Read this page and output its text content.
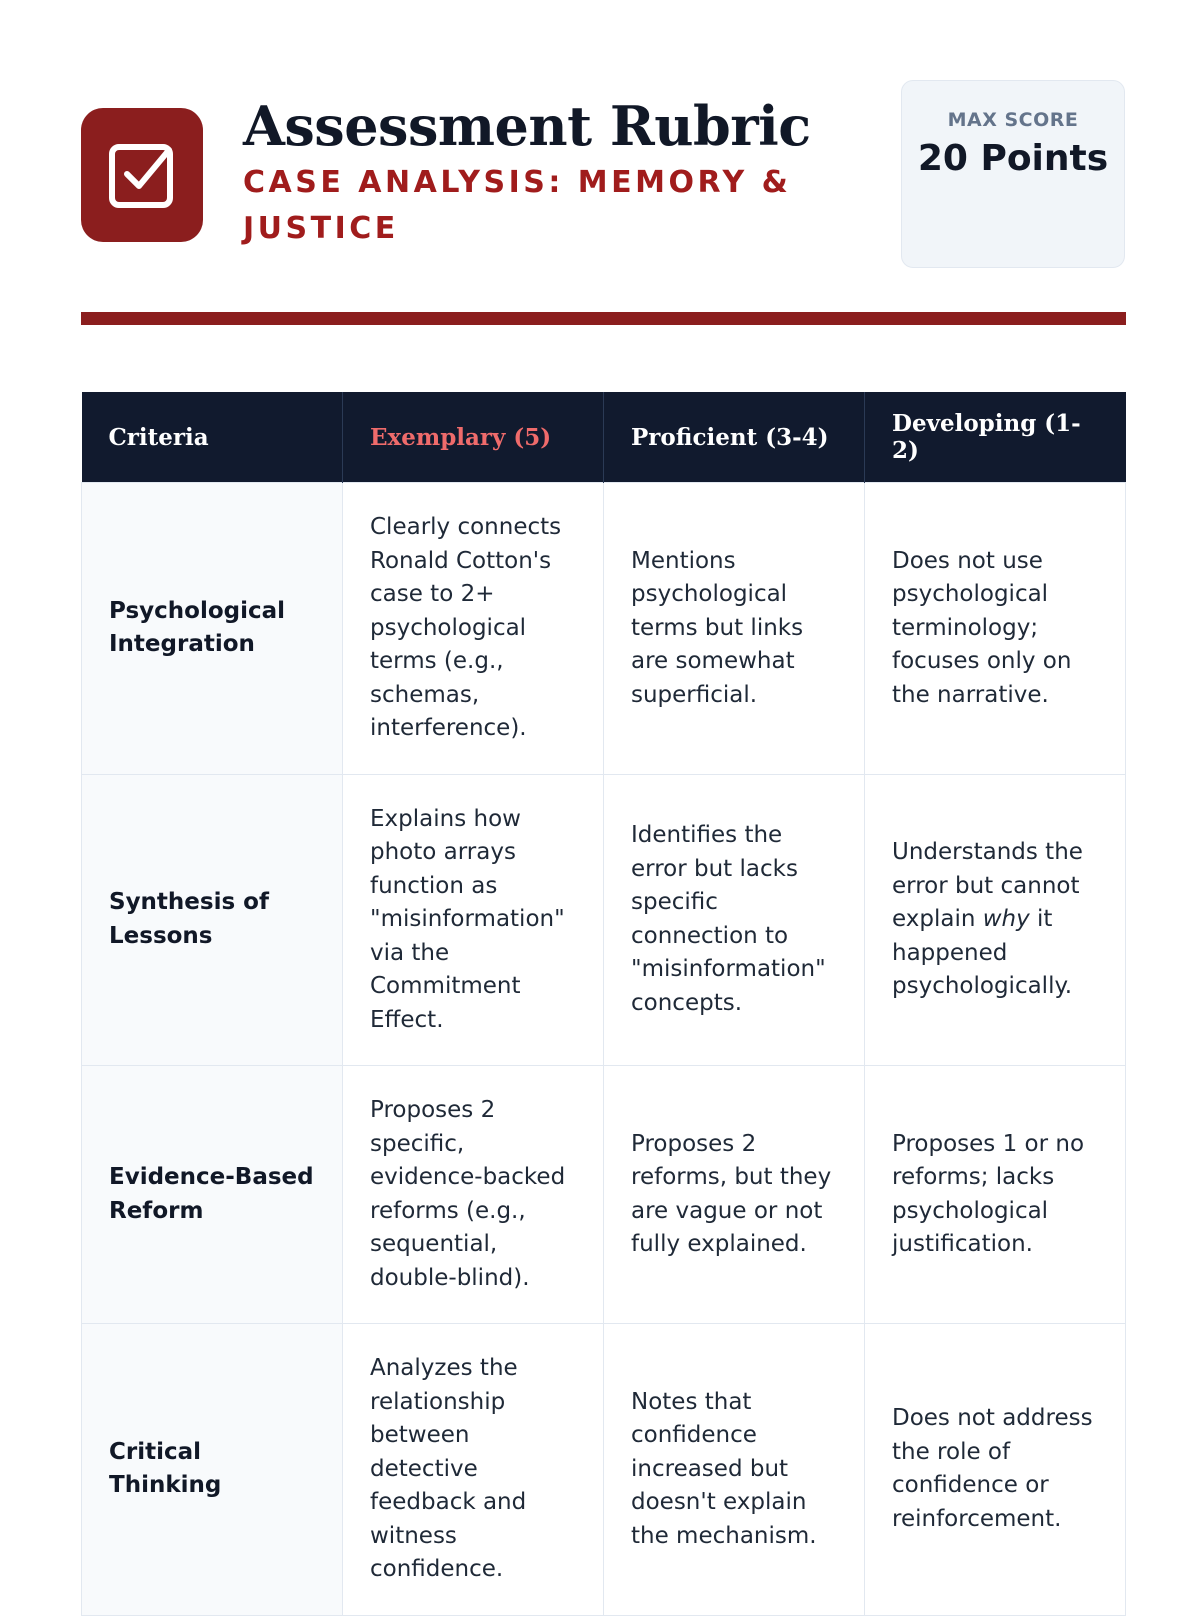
Assessment Rubric

CASE ANALYSIS: MEMORY & JUSTICE

MAX SCORE
20 Points
Criteria	Exemplary (5)	Proficient (3-4)	Developing (1-2)
Psychological Integration	Clearly connects Ronald Cotton's case to 2+ psychological terms (e.g., schemas, interference).	Mentions psychological terms but links are somewhat superficial.	Does not use psychological terminology; focuses only on the narrative.
Synthesis of Lessons	Explains how photo arrays function as "misinformation" via the Commitment Effect.	Identifies the error but lacks specific connection to "misinformation" concepts.	Understands the error but cannot explain why it happened psychologically.
Evidence-Based Reform	Proposes 2 specific, evidence-backed reforms (e.g., sequential, double-blind).	Proposes 2 reforms, but they are vague or not fully explained.	Proposes 1 or no reforms; lacks psychological justification.
Critical Thinking	Analyzes the relationship between detective feedback and witness confidence.	Notes that confidence increased but doesn't explain the mechanism.	Does not address the role of confidence or reinforcement.
